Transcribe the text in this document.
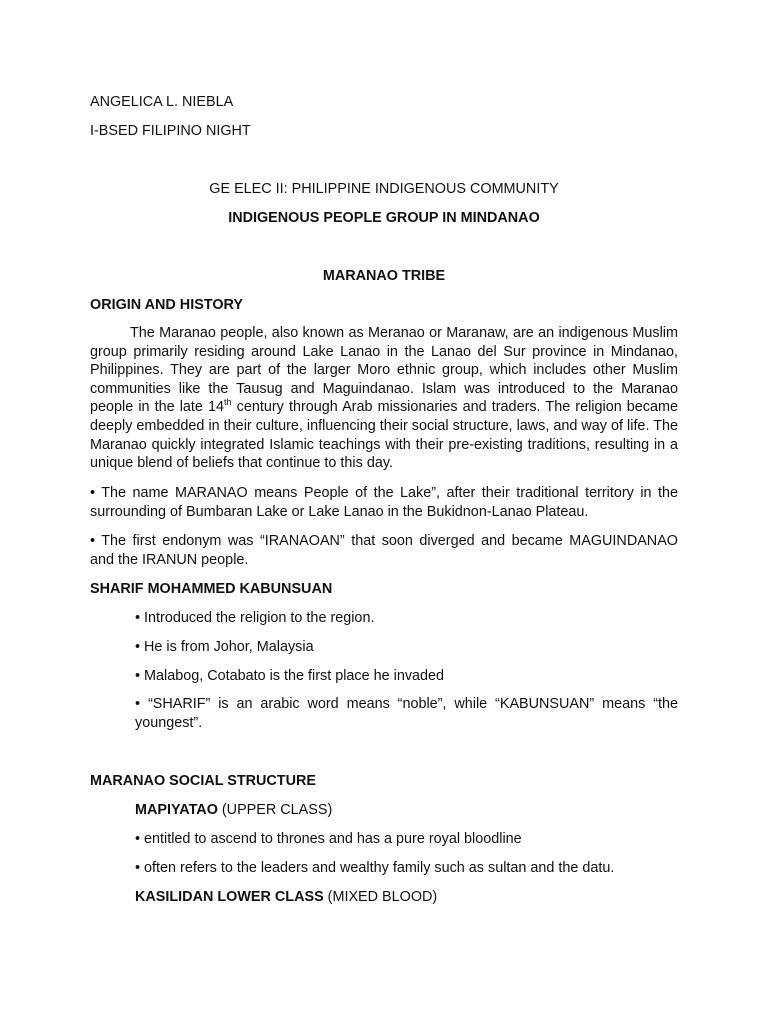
ANGELICA L. NIEBLA
I-BSED FILIPINO NIGHT
GE ELEC II: PHILIPPINE INDIGENOUS COMMUNITY
INDIGENOUS PEOPLE GROUP IN MINDANAO
MARANAO TRIBE
ORIGIN AND HISTORY

The Maranao people, also known as Meranao or Maranaw, are an indigenous Muslim group primarily residing around Lake Lanao in the Lanao del Sur province in Mindanao, Philippines. They are part of the larger Moro ethnic group, which includes other Muslim communities like the Tausug and Maguindanao. Islam was introduced to the Maranao people in the late 14th century through Arab missionaries and traders. The religion became deeply embedded in their culture, influencing their social structure, laws, and way of life. The Maranao quickly integrated Islamic teachings with their pre-existing traditions, resulting in a unique blend of beliefs that continue to this day.

• The name MARANAO means People of the Lake”, after their traditional territory in the surrounding of Bumbaran Lake or Lake Lanao in the Bukidnon-Lanao Plateau.

• The first endonym was “IRANAOAN” that soon diverged and became MAGUINDANAO and the IRANUN people.

SHARIF MOHAMMED KABUNSUAN
• Introduced the religion to the region.
• He is from Johor, Malaysia
• Malabog, Cotabato is the first place he invaded

• “SHARIF” is an arabic word means “noble”, while “KABUNSUAN” means “the youngest”.

MARANAO SOCIAL STRUCTURE
MAPIYATAO (UPPER CLASS)
• entitled to ascend to thrones and has a pure royal bloodline
• often refers to the leaders and wealthy family such as sultan and the datu.
KASILIDAN LOWER CLASS (MIXED BLOOD)
